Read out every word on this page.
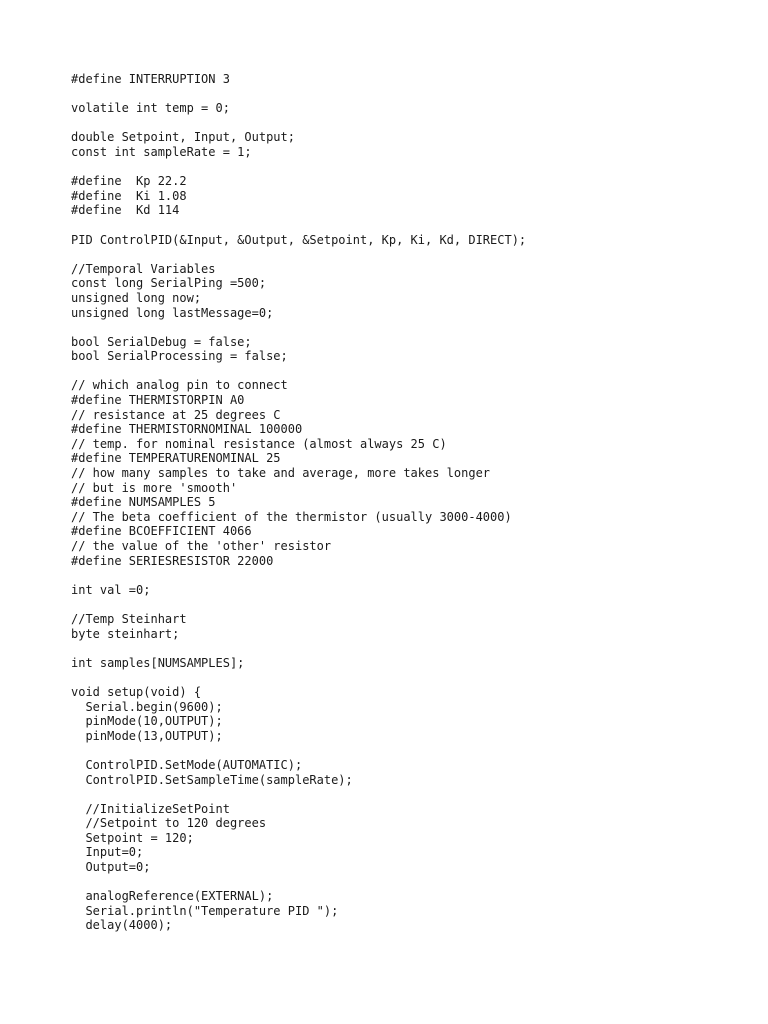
#define INTERRUPTION 3
volatile int temp = 0;
double Setpoint, Input, Output;
const int sampleRate = 1;
#define  Kp 22.2
#define  Ki 1.08
#define  Kd 114
PID ControlPID(&Input, &Output, &Setpoint, Kp, Ki, Kd, DIRECT);
//Temporal Variables
const long SerialPing =500;
unsigned long now;
unsigned long lastMessage=0;
bool SerialDebug = false;
bool SerialProcessing = false;
// which analog pin to connect
#define THERMISTORPIN A0
// resistance at 25 degrees C
#define THERMISTORNOMINAL 100000
// temp. for nominal resistance (almost always 25 C)
#define TEMPERATURENOMINAL 25
// how many samples to take and average, more takes longer
// but is more 'smooth'
#define NUMSAMPLES 5
// The beta coefficient of the thermistor (usually 3000-4000)
#define BCOEFFICIENT 4066
// the value of the 'other' resistor
#define SERIESRESISTOR 22000
int val =0;
//Temp Steinhart
byte steinhart;
int samples[NUMSAMPLES];
void setup(void) {
Serial.begin(9600);
pinMode(10,OUTPUT);
pinMode(13,OUTPUT);
ControlPID.SetMode(AUTOMATIC);
ControlPID.SetSampleTime(sampleRate);
//InitializeSetPoint
//Setpoint to 120 degrees
Setpoint = 120;
Input=0;
Output=0;
analogReference(EXTERNAL);
Serial.println("Temperature PID ");
delay(4000);
